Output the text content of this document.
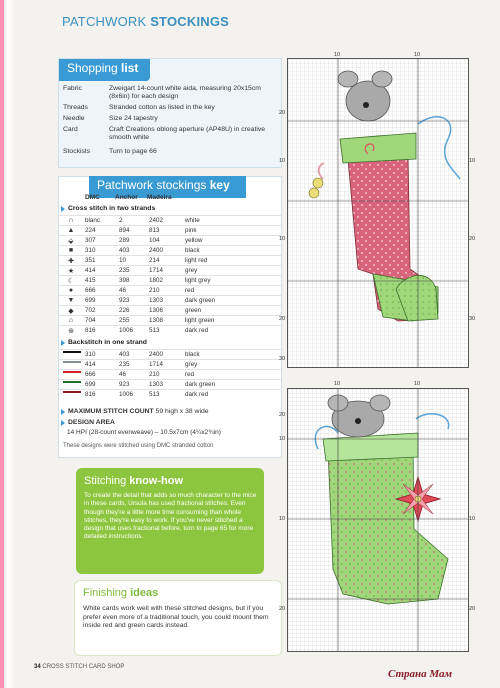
PATCHWORK STOCKINGS
Shopping list
Fabric	Zweigart 14-count white aida, measuring 20x15cm (8x6in) for each design
Threads	Stranded cotton as listed in the key
Needle	Size 24 tapestry
Card	Craft Creations oblong aperture (AP48U) in creative smooth white
Stockists	Turn to page 66
Patchwork stockings key
DMC Anchor Madeira
Cross stitch in two strands
∩	blanc	2	2402	white
▲	224	894	813	pink
⬙	307	289	104	yellow
■	310	403	2400	black
✚	351	10	214	light red
★	414	235	1714	grey
☾	415	398	1802	light grey
●	666	46	210	red
▼	699	923	1303	dark green
◆	702	226	1306	green
⌂	704	255	1308	light green
⊛	816	1006	513	dark red
Backstitch in one strand
310	403	2400	black
414	235	1714	grey
666	46	210	red
699	923	1303	dark green
816	1006	513	dark red
MAXIMUM STITCH COUNT
59 high x 38 wide
DESIGN AREA
14 HPI (28-count evenweave) – 10.5x7cm (4¼x2¾in)
These designs were stitched using DMC stranded cotton
Stitching know-how
To create the detail that adds so much character to the mice in these cards, Ursula has used fractional stitches. Even though they're a little more time consuming than whole stitches, they're easy to work. If you've never stitched a design that uses fractional before, turn to page 65 for more detailed instructions.
Finishing ideas
White cards work well with these stitched designs, but if you prefer even more of a traditional touch, you could mount them inside red and green cards instead.
10	10
20
10
10
20
30
10
20
30
10	10
20
10
10
20
10
20
34 CROSS STITCH CARD SHOP
Страна Мам
